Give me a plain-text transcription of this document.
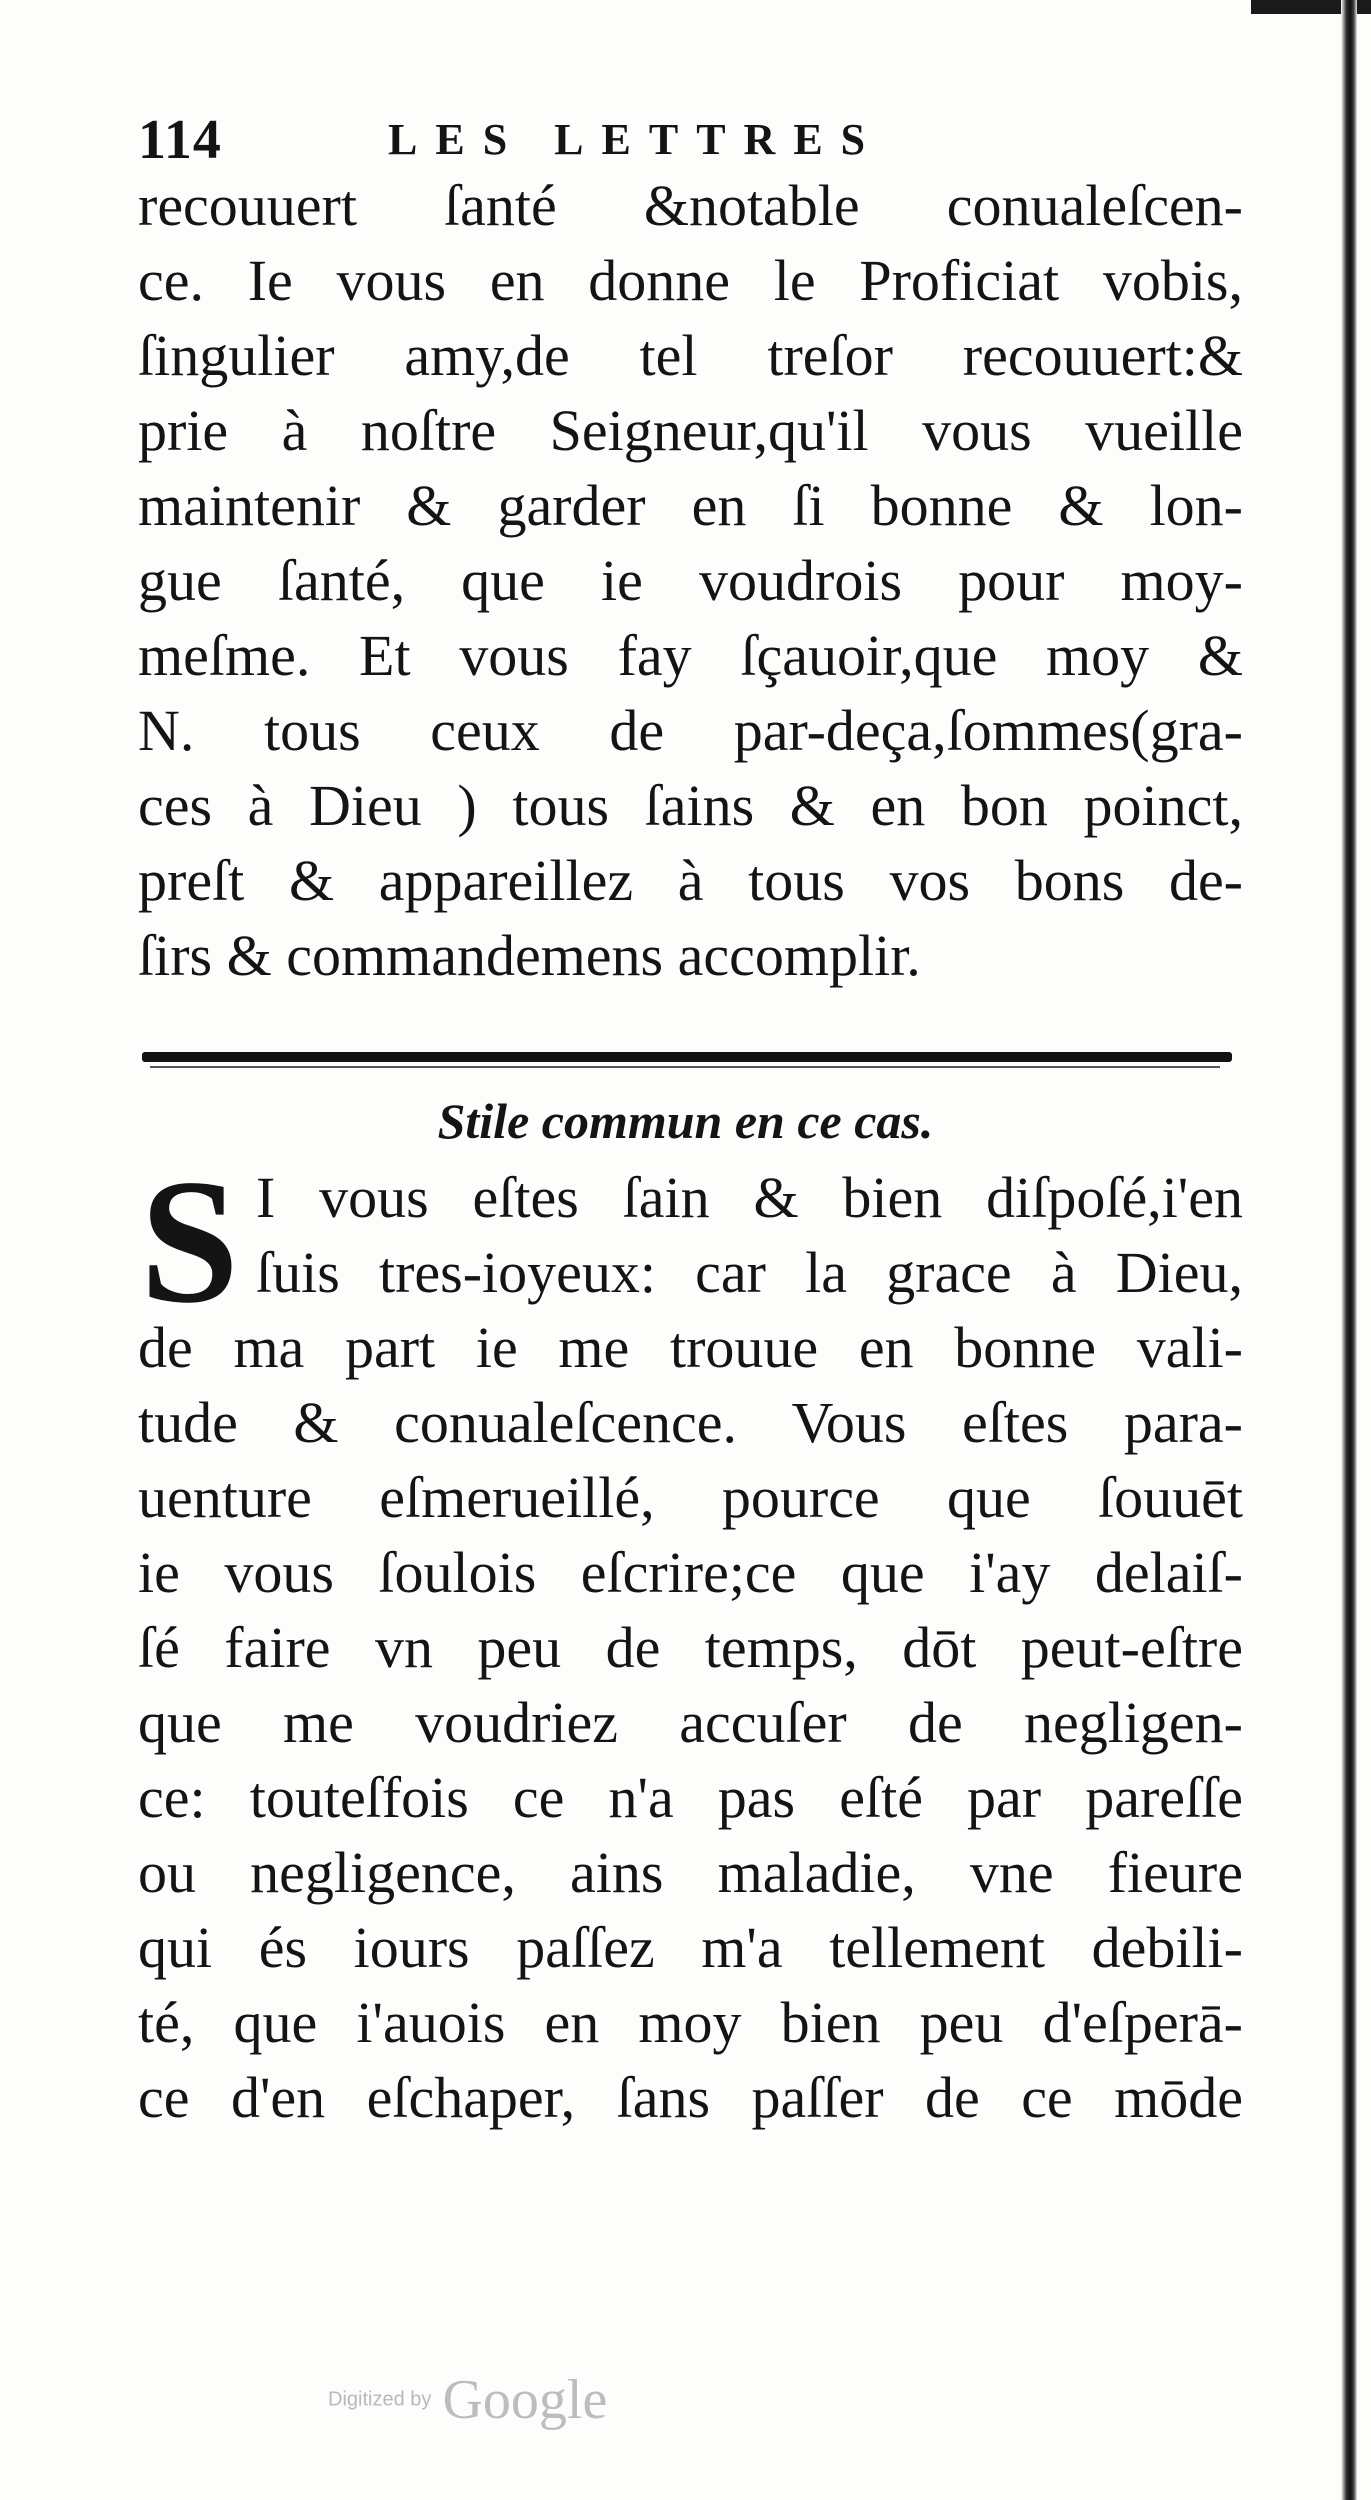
114	LES LETTRES
recouuert ſanté &notable conualeſcen-
ce. Ie vous en donne le Proficiat vobis,
ſingulier amy,de tel treſor recouuert:&
prie à noſtre Seigneur,qu'il vous vueille
maintenir & garder en ſi bonne & lon-
gue ſanté, que ie voudrois pour moy-
meſme. Et vous fay ſçauoir,que moy &
N. tous ceux de par-deça,ſommes(gra-
ces à Dieu ) tous ſains & en bon poinct,
preſt & appareillez à tous vos bons de-
ſirs & commandemens accomplir.
Stile commun en ce cas.
S I vous eſtes ſain & bien diſpoſé,i'en
ſuis tres-ioyeux: car la grace à Dieu,
de ma part ie me trouue en bonne vali-
tude & conualeſcence. Vous eſtes para-
uenture eſmerueillé, pource que ſouuēt
ie vous ſoulois eſcrire;ce que i'ay delaiſ-
ſé faire vn peu de temps, dōt peut-eſtre
que me voudriez accuſer de negligen-
ce: touteſfois ce n'a pas eſté par pareſſe
ou negligence, ains maladie, vne fieure
qui és iours paſſez m'a tellement debili-
té, que i'auois en moy bien peu d'eſperā-
ce d'en eſchaper, ſans paſſer de ce mōde
Digitized by Google
